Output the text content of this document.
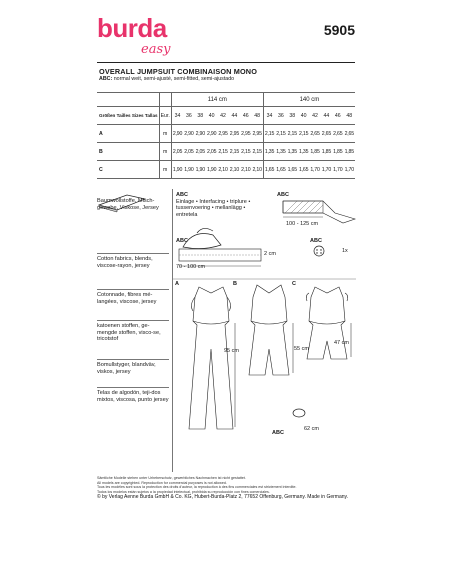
burda
easy
5905
OVERALL JUMPSUIT COMBINAISON MONO
ABC: normal weit, semi-ajusté, semi-fitted, semi-ajustado
		114 cm								140 cm							
Größen Tailles Sizes Tallas	Eur.	34	36	38	40	42	44	46	48		34	36	38	40	42	44	46	48
A	m	2,90	2,90	2,90	2,90	2,95	2,95	2,95	2,95		2,15	2,15	2,15	2,15	2,65	2,65	2,65	2,65
B	m	2,05	2,05	2,05	2,05	2,15	2,15	2,15	2,15		1,35	1,35	1,35	1,35	1,85	1,85	1,85	1,85
C	m	1,90	1,90	1,90	1,90	2,10	2,10	2,10	2,10		1,65	1,65	1,65	1,65	1,70	1,70	1,70	1,70
Baumwollstoffe, Misch-gewebe, Viskose, Jersey
Cotton fabrics, blends, viscose-rayon, jersey
Cotonnade, fibres mé-langées, viscose, jersey
katoenen stoffen, ge-mengde stoffen, visco-se, tricotstof
Bomullstyger, blandväv, viskos, jersey
Telas de algodón, teji-dos mixtos, viscosa, punto jersey
ABC
Einlage • Interfacing • triplure • tussenvoering • mellanlägg • entretela
ABC
100 - 125 cm
ABC
2 cm
70 - 100 cm
ABC
1x
A	B	C
95 cm	55 cm
47 cm
ABC
62 cm
Sämtliche Modelle stehen unter Urheberschutz, gewerbliches Nachmachen ist nicht gestattet.
All models are copyrighted. Reproduction for commercial purposes is not allowed.
Tous les modèles sont sous la protection des droits d'auteur, la reproduction à des fins commerciales est strictement interdite.
Todos los modelos están sujetos a la propiedad intelectual, prohibida su reproducción con fines comerciales.
© by Verlag Aenne Burda GmbH & Co. KG, Hubert-Burda-Platz 2, 77652 Offenburg, Germany. Made in Germany.
